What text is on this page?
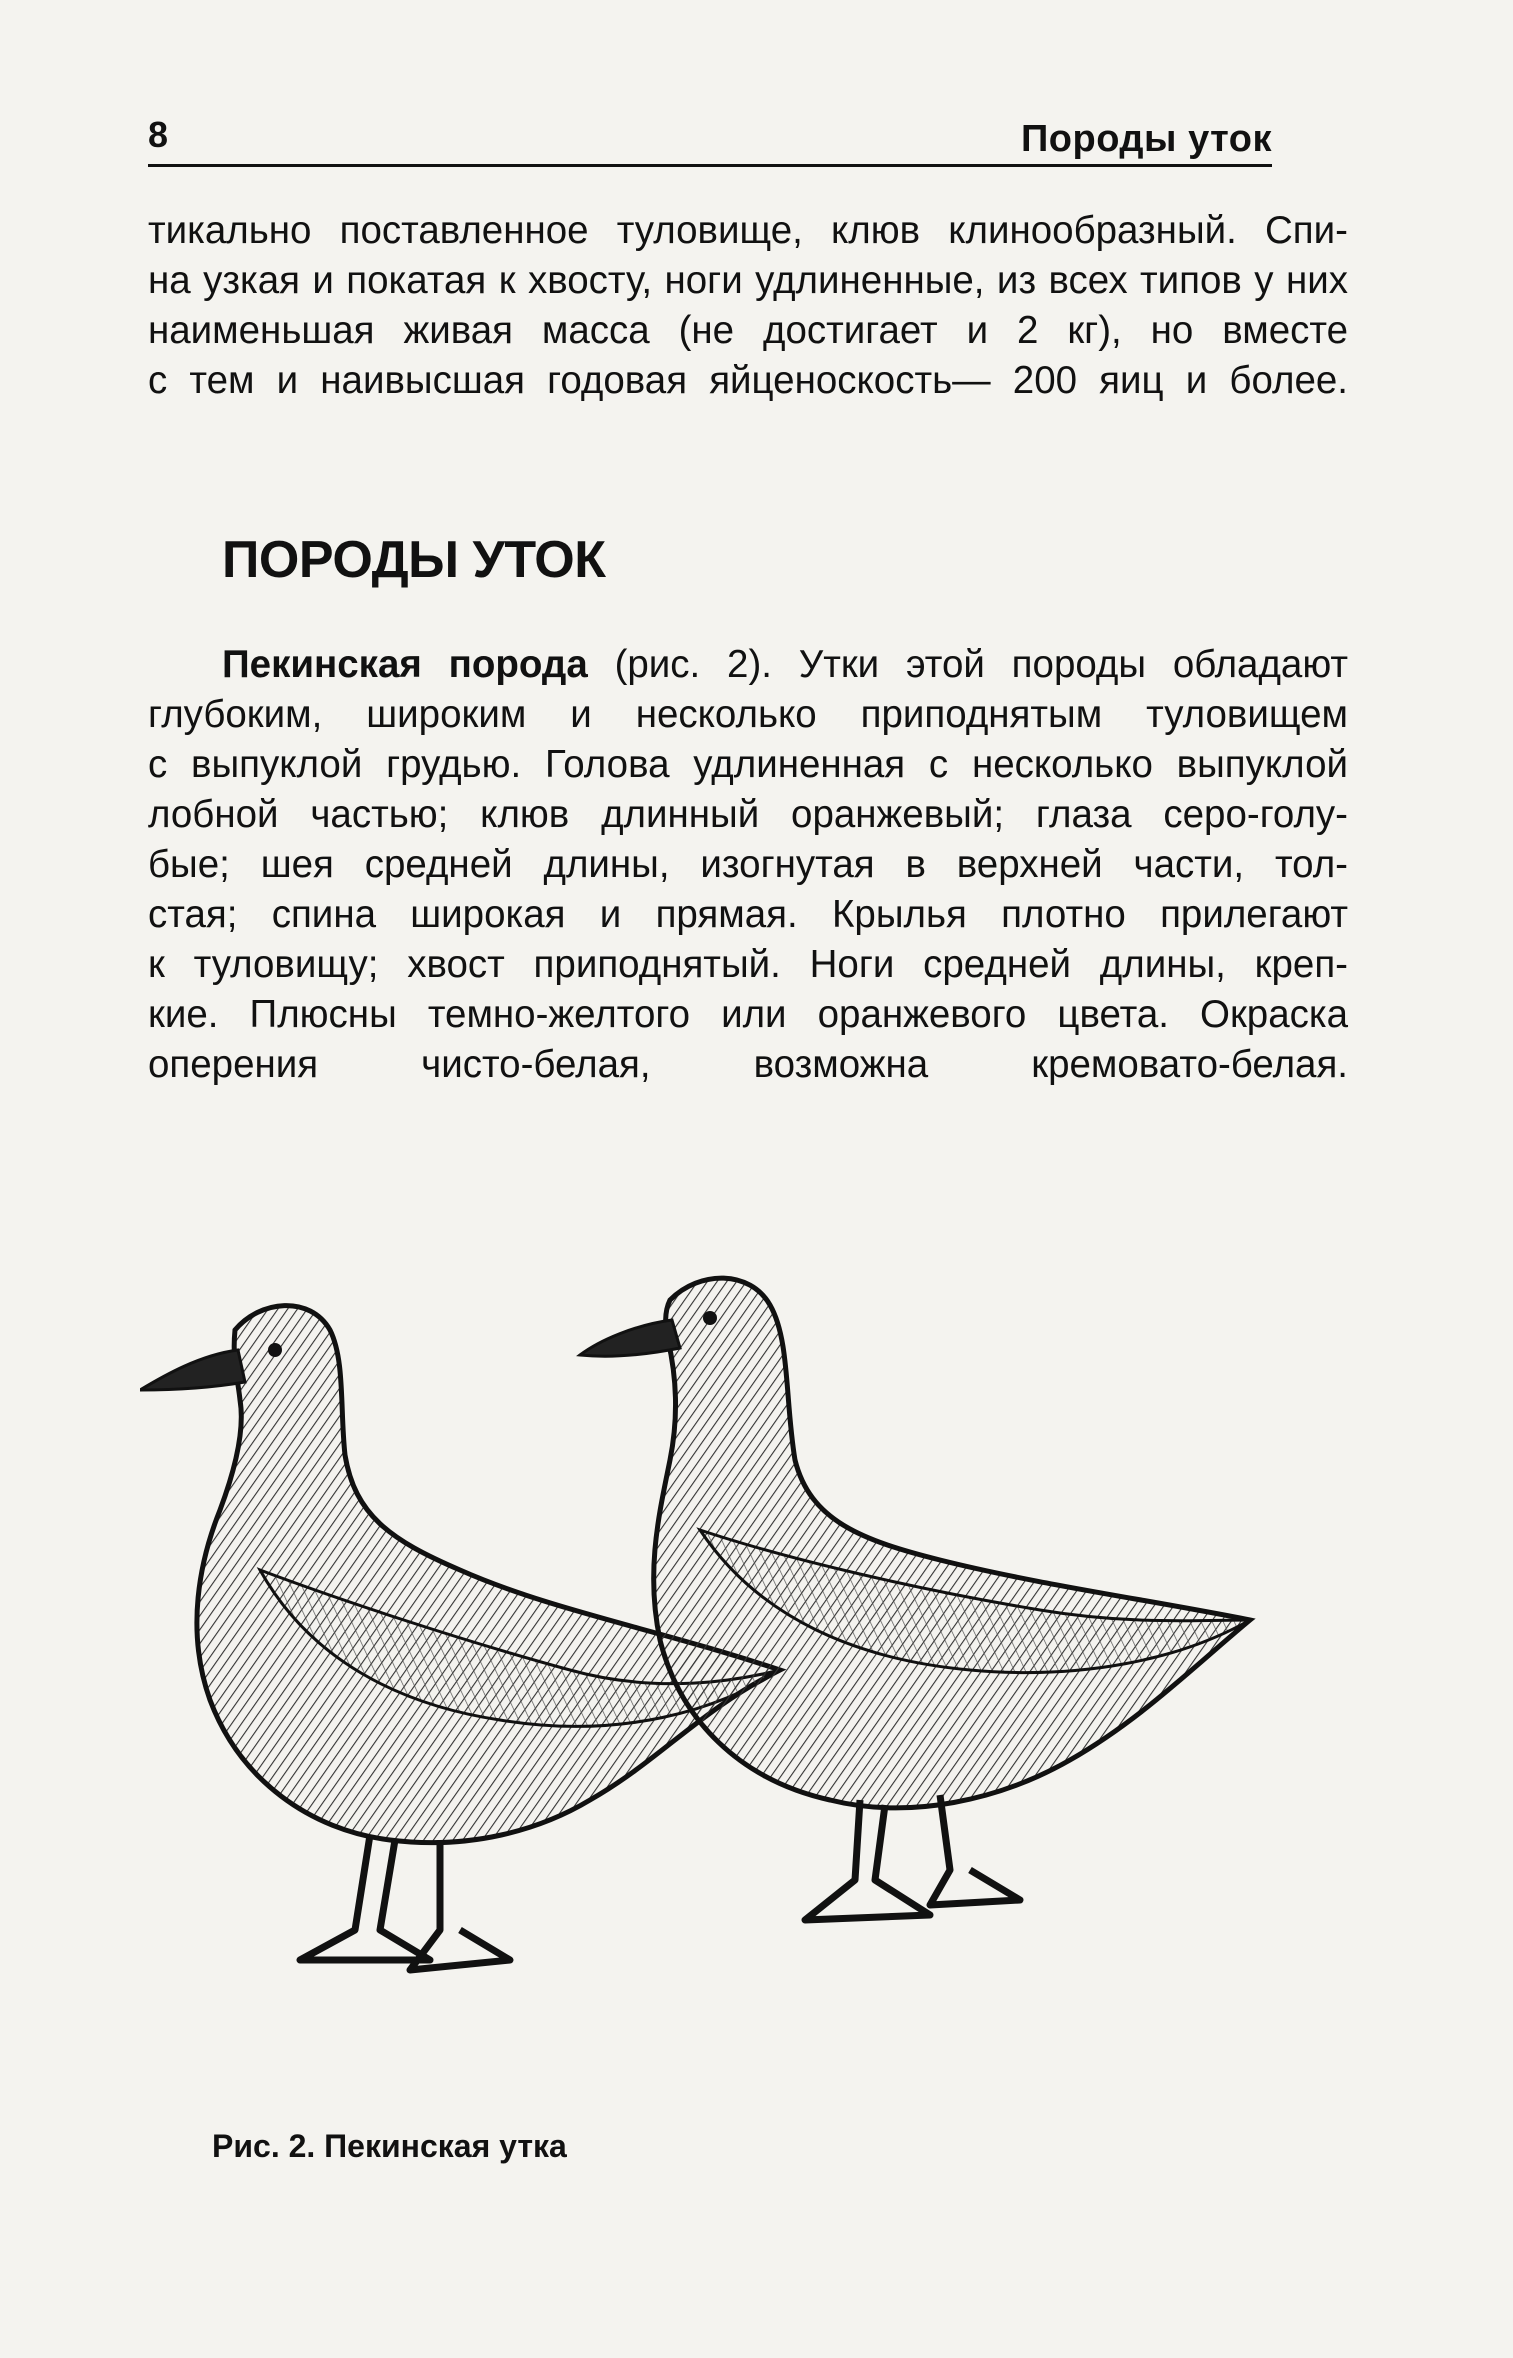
8	Породы уток
тикально поставленное туловище, клюв клинообразный. Спи-
на узкая и покатая к хвосту, ноги удлиненные, из всех типов у них
наименьшая живая масса (не достигает и 2 кг), но вместе
с тем и наивысшая годовая яйценоскость— 200 яиц и более.
ПОРОДЫ УТОК
Пекинская порода (рис. 2). Утки этой породы обладают
глубоким, широким и несколько приподнятым туловищем
с выпуклой грудью. Голова удлиненная с несколько выпуклой
лобной частью; клюв длинный оранжевый; глаза серо-голу-
бые; шея средней длины, изогнутая в верхней части, тол-
стая; спина широкая и прямая. Крылья плотно прилегают
к туловищу; хвост приподнятый. Ноги средней длины, креп-
кие. Плюсны темно-желтого или оранжевого цвета. Окраска
оперения чисто-белая, возможна кремовато-белая.
Рис. 2. Пекинская утка
